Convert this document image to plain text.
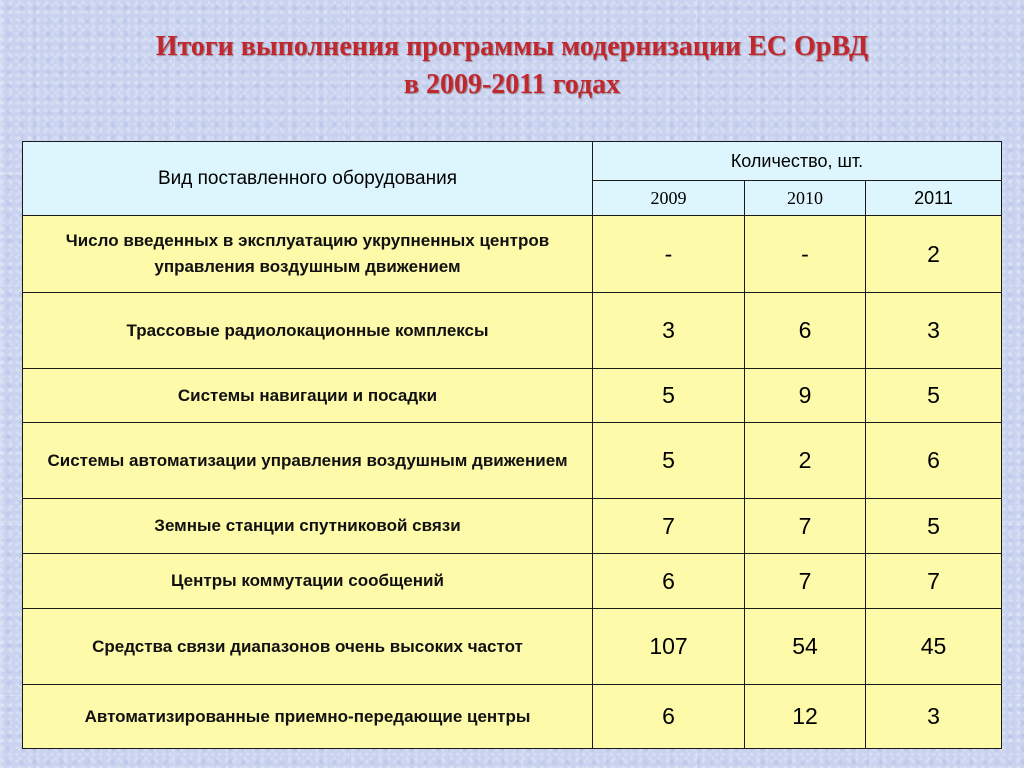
Итоги выполнения программы модернизации ЕС ОрВД
в 2009-2011 годах
Вид поставленного оборудования	Количество, шт.		
	2009	2010	2011
Число введенных в эксплуатацию укрупненных центров управления воздушным движением	-	-	2
Трассовые радиолокационные комплексы	3	6	3
Системы навигации и посадки	5	9	5
Системы автоматизации управления воздушным движением	5	2	6
Земные станции спутниковой связи	7	7	5
Центры коммутации сообщений	6	7	7
Средства связи диапазонов очень высоких частот	107	54	45
Автоматизированные приемно-передающие центры	6	12	3
